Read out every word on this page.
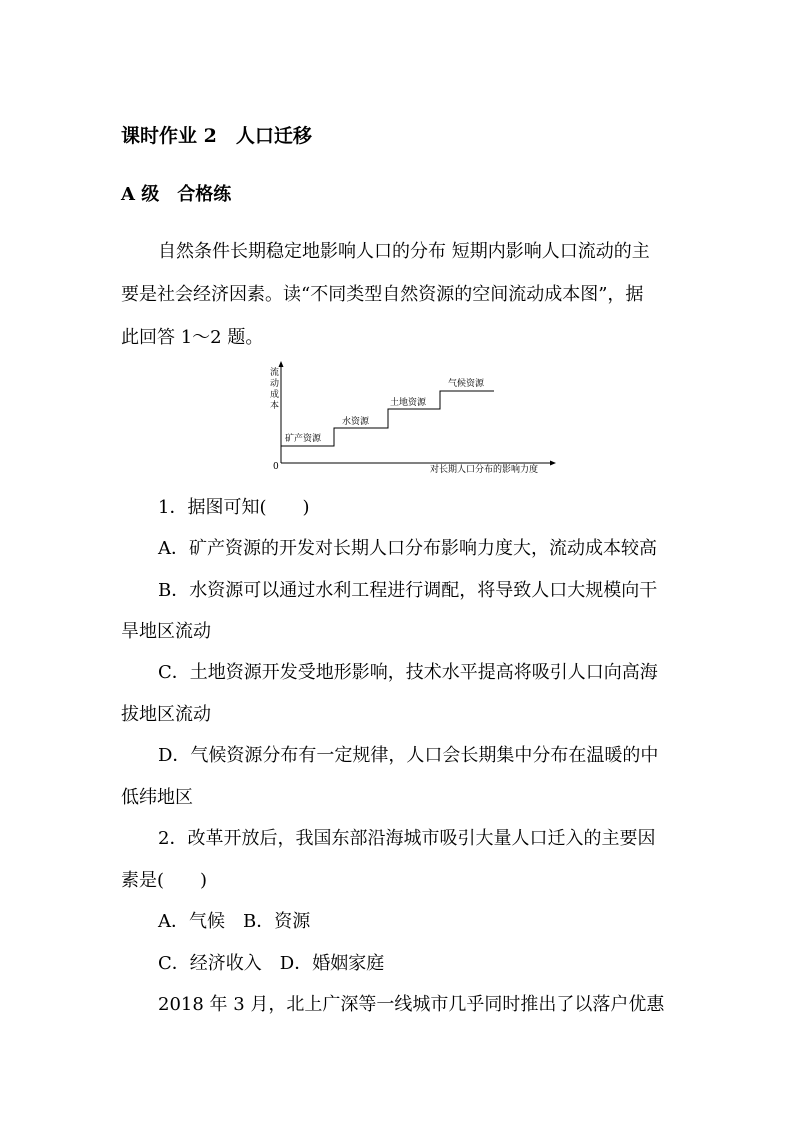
课时作业 2　人口迁移
A 级　合格练
自然条件长期稳定地影响人口的分布 短期内影响人口流动的主
要是社会经济因素。读“不同类型自然资源的空间流动成本图”，据
此回答 1～2 题。
流
动
成
本
0	对长期人口分布的影响力度
矿产资源
水资源
土地资源
气候资源
1．据图可知(　　)
A．矿产资源的开发对长期人口分布影响力度大，流动成本较高
B．水资源可以通过水利工程进行调配，将导致人口大规模向干
旱地区流动
C．土地资源开发受地形影响，技术水平提高将吸引人口向高海
拔地区流动
D．气候资源分布有一定规律，人口会长期集中分布在温暖的中
低纬地区
2．改革开放后，我国东部沿海城市吸引大量人口迁入的主要因
素是(　　)
A．气候　B．资源
C．经济收入　D．婚姻家庭
2018 年 3 月，北上广深等一线城市几乎同时推出了以落户优惠
